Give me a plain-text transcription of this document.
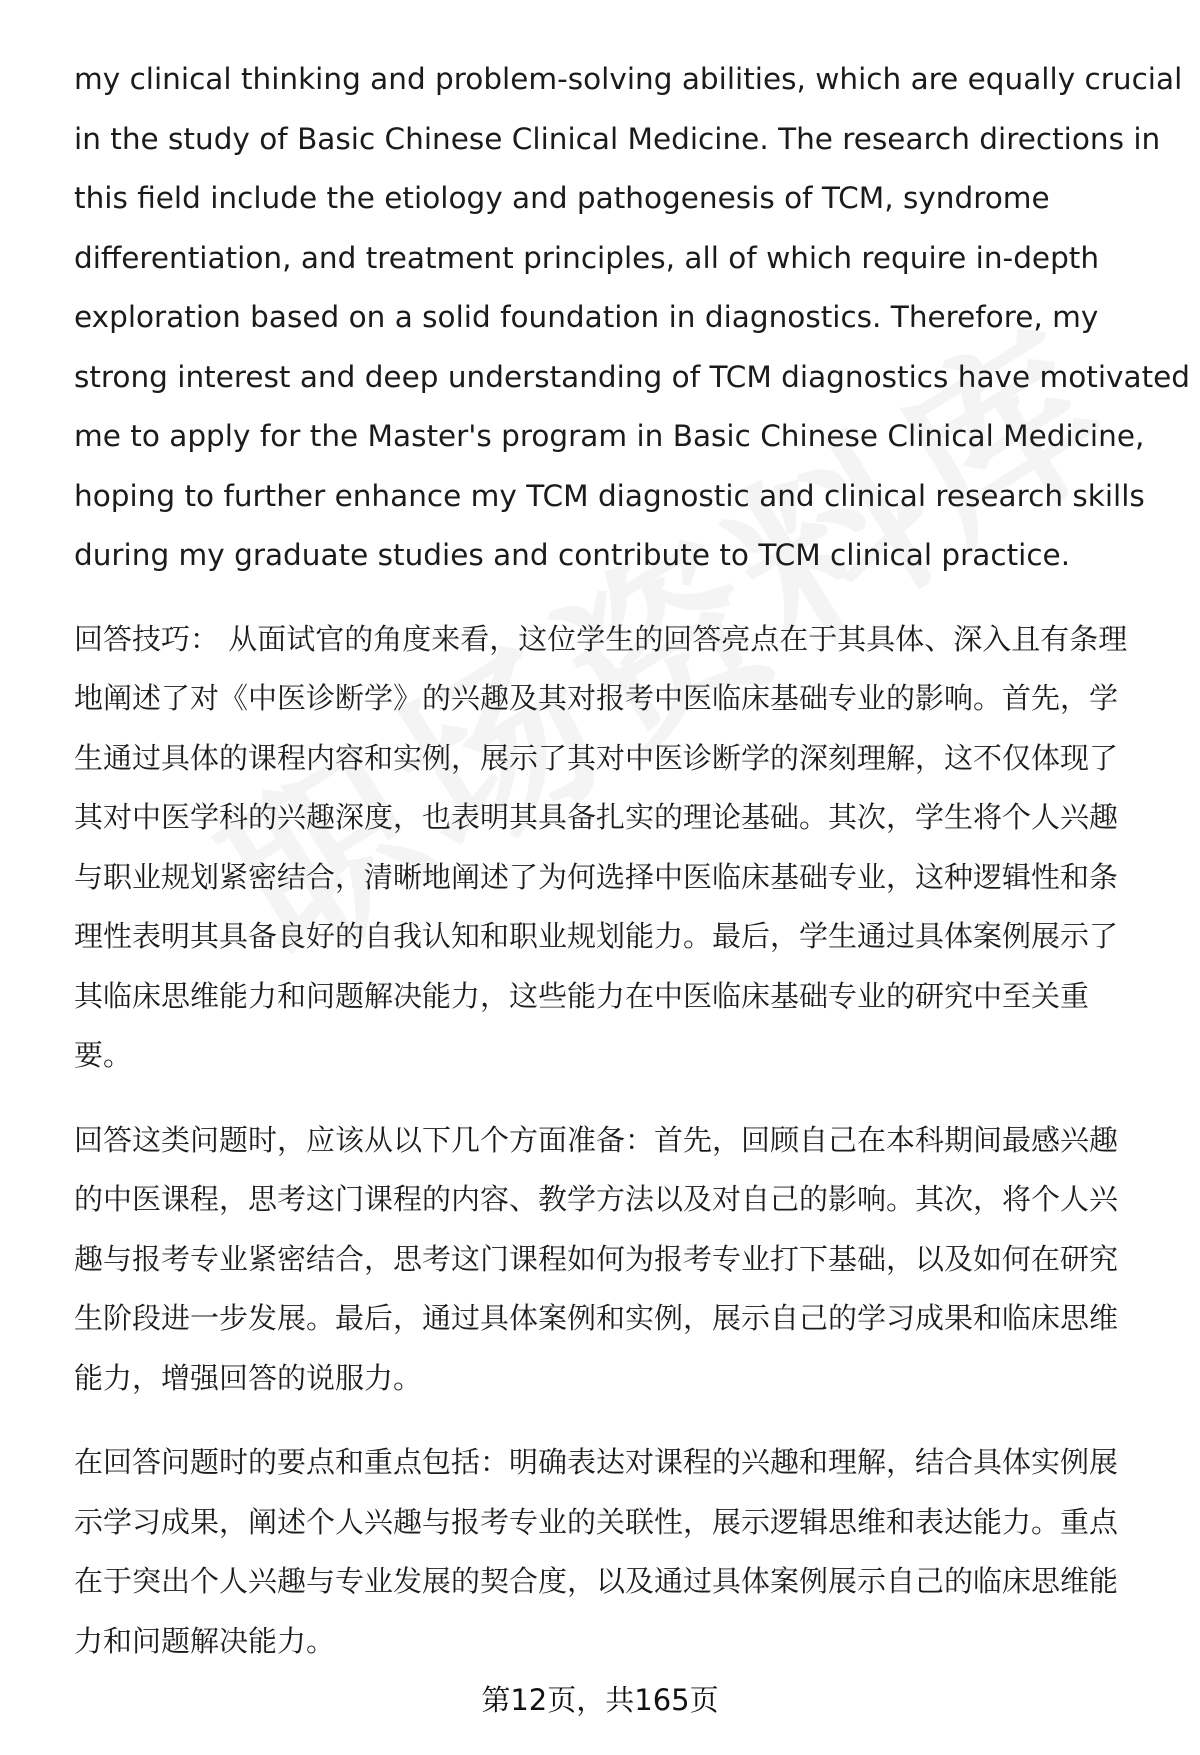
my clinical thinking and problem-solving abilities, which are equally crucial
in the study of Basic Chinese Clinical Medicine. The research directions in
this field include the etiology and pathogenesis of TCM, syndrome
differentiation, and treatment principles, all of which require in-depth
exploration based on a solid foundation in diagnostics. Therefore, my
strong interest and deep understanding of TCM diagnostics have motivated
me to apply for the Master's program in Basic Chinese Clinical Medicine,
hoping to further enhance my TCM diagnostic and clinical research skills
during my graduate studies and contribute to TCM clinical practice.

回答技巧： 从面试官的角度来看，这位学生的回答亮点在于其具体、深入且有条理
地阐述了对《中医诊断学》的兴趣及其对报考中医临床基础专业的影响。首先，学
生通过具体的课程内容和实例，展示了其对中医诊断学的深刻理解，这不仅体现了
其对中医学科的兴趣深度，也表明其具备扎实的理论基础。其次，学生将个人兴趣
与职业规划紧密结合，清晰地阐述了为何选择中医临床基础专业，这种逻辑性和条
理性表明其具备良好的自我认知和职业规划能力。最后，学生通过具体案例展示了
其临床思维能力和问题解决能力，这些能力在中医临床基础专业的研究中至关重
要。

回答这类问题时，应该从以下几个方面准备：首先，回顾自己在本科期间最感兴趣
的中医课程，思考这门课程的内容、教学方法以及对自己的影响。其次，将个人兴
趣与报考专业紧密结合，思考这门课程如何为报考专业打下基础，以及如何在研究
生阶段进一步发展。最后，通过具体案例和实例，展示自己的学习成果和临床思维
能力，增强回答的说服力。

在回答问题时的要点和重点包括：明确表达对课程的兴趣和理解，结合具体实例展
示学习成果，阐述个人兴趣与报考专业的关联性，展示逻辑思维和表达能力。重点
在于突出个人兴趣与专业发展的契合度，以及通过具体案例展示自己的临床思维能
力和问题解决能力。

第12页，共165页
